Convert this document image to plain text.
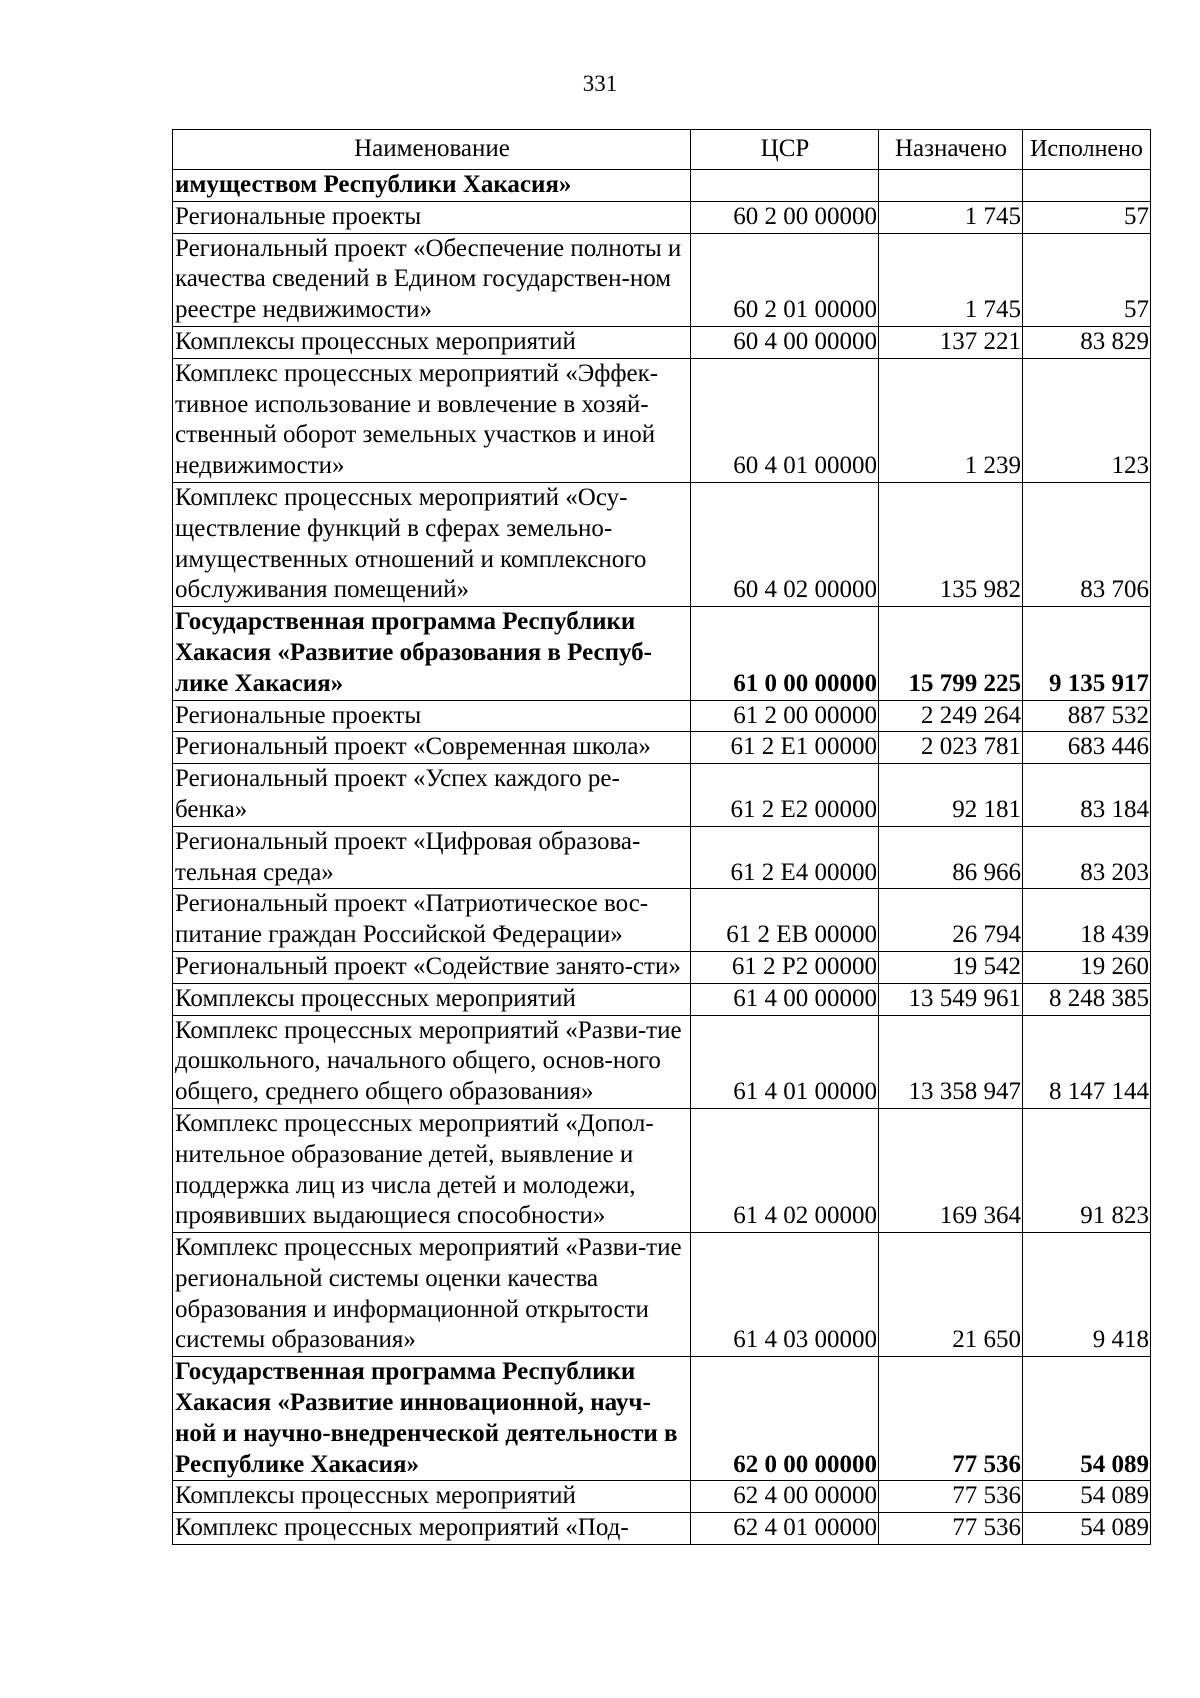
331
Наименование	ЦСР	Назначено	Исполнено
имуществом Республики Хакасия»			
Региональные проекты	60 2 00 00000	1 745	57
Региональный проект «Обеспечение полноты и качества сведений в Едином государствен-ном реестре недвижимости»	60 2 01 00000	1 745	57
Комплексы процессных мероприятий	60 4 00 00000	137 221	83 829
Комплекс процессных мероприятий «Эффек-тивное использование и вовлечение в хозяй-ственный оборот земельных участков и иной недвижимости»	60 4 01 00000	1 239	123
Комплекс процессных мероприятий «Осу-ществление функций в сферах земельно-имущественных отношений и комплексного обслуживания помещений»	60 4 02 00000	135 982	83 706
Государственная программа Республики Хакасия «Развитие образования в Респуб-лике Хакасия»	61 0 00 00000	15 799 225	9 135 917
Региональные проекты	61 2 00 00000	2 249 264	887 532
Региональный проект «Современная школа»	61 2 E1 00000	2 023 781	683 446
Региональный проект «Успех каждого ре-бенка»	61 2 E2 00000	92 181	83 184
Региональный проект «Цифровая образова-тельная среда»	61 2 E4 00000	86 966	83 203
Региональный проект «Патриотическое вос-питание граждан Российской Федерации»	61 2 EB 00000	26 794	18 439
Региональный проект «Содействие занято-сти»	61 2 P2 00000	19 542	19 260
Комплексы процессных мероприятий	61 4 00 00000	13 549 961	8 248 385
Комплекс процессных мероприятий «Разви-тие дошкольного, начального общего, основ-ного общего, среднего общего образования»	61 4 01 00000	13 358 947	8 147 144
Комплекс процессных мероприятий «Допол-нительное образование детей, выявление и поддержка лиц из числа детей и молодежи, проявивших выдающиеся способности»	61 4 02 00000	169 364	91 823
Комплекс процессных мероприятий «Разви-тие региональной системы оценки качества образования и информационной открытости системы образования»	61 4 03 00000	21 650	9 418
Государственная программа Республики Хакасия «Развитие инновационной, науч-ной и научно-внедренческой деятельности в Республике Хакасия»	62 0 00 00000	77 536	54 089
Комплексы процессных мероприятий	62 4 00 00000	77 536	54 089
Комплекс процессных мероприятий «Под-	62 4 01 00000	77 536	54 089
